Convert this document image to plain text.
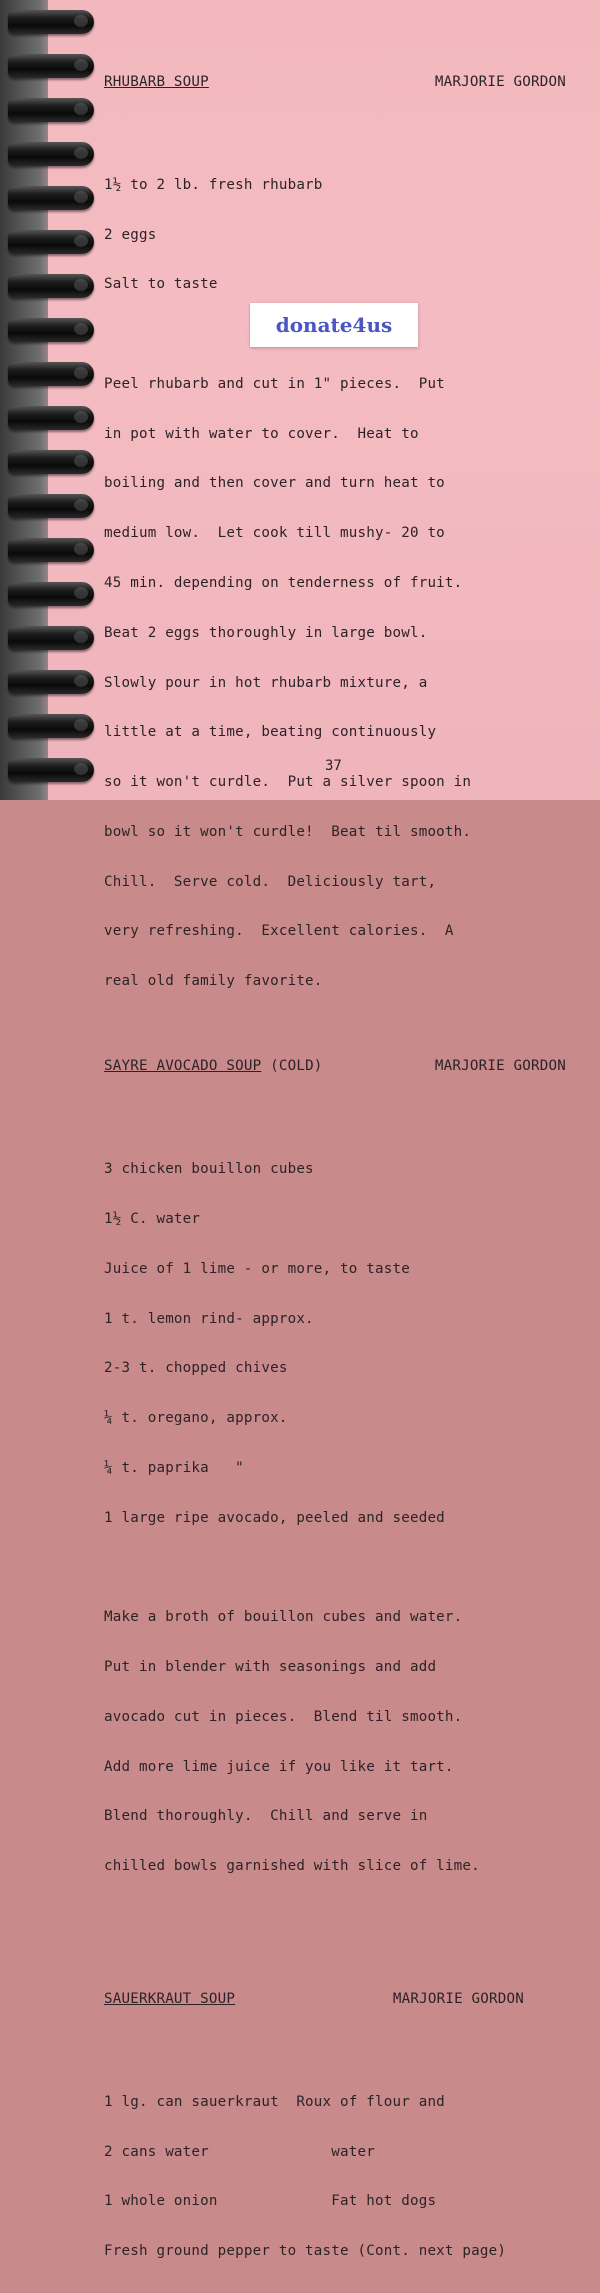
RHUBARB SOUP	MARJORIE GORDON

1½ to 2 lb. fresh rhubarb

2 eggs

Salt to taste

Peel rhubarb and cut in 1" pieces.  Put

in pot with water to cover.  Heat to

boiling and then cover and turn heat to

medium low.  Let cook till mushy- 20 to

45 min. depending on tenderness of fruit.

Beat 2 eggs thoroughly in large bowl.

Slowly pour in hot rhubarb mixture, a

little at a time, beating continuously

so it won't curdle.  Put a silver spoon in

bowl so it won't curdle!  Beat til smooth.

Chill.  Serve cold.  Deliciously tart,

very refreshing.  Excellent calories.  A

real old family favorite.

SAYRE AVOCADO SOUP (COLD)	MARJORIE GORDON

3 chicken bouillon cubes

1½ C. water

Juice of 1 lime - or more, to taste

1 t. lemon rind- approx.

2-3 t. chopped chives

¼ t. oregano, approx.

¼ t. paprika   "

1 large ripe avocado, peeled and seeded

Make a broth of bouillon cubes and water.

Put in blender with seasonings and add

avocado cut in pieces.  Blend til smooth.

Add more lime juice if you like it tart.

Blend thoroughly.  Chill and serve in

chilled bowls garnished with slice of lime.

SAUERKRAUT SOUP	MARJORIE GORDON

1 lg. can sauerkraut  Roux of flour and

2 cans water              water

1 whole onion             Fat hot dogs

Fresh ground pepper to taste (Cont. next page)

donate4us
37
